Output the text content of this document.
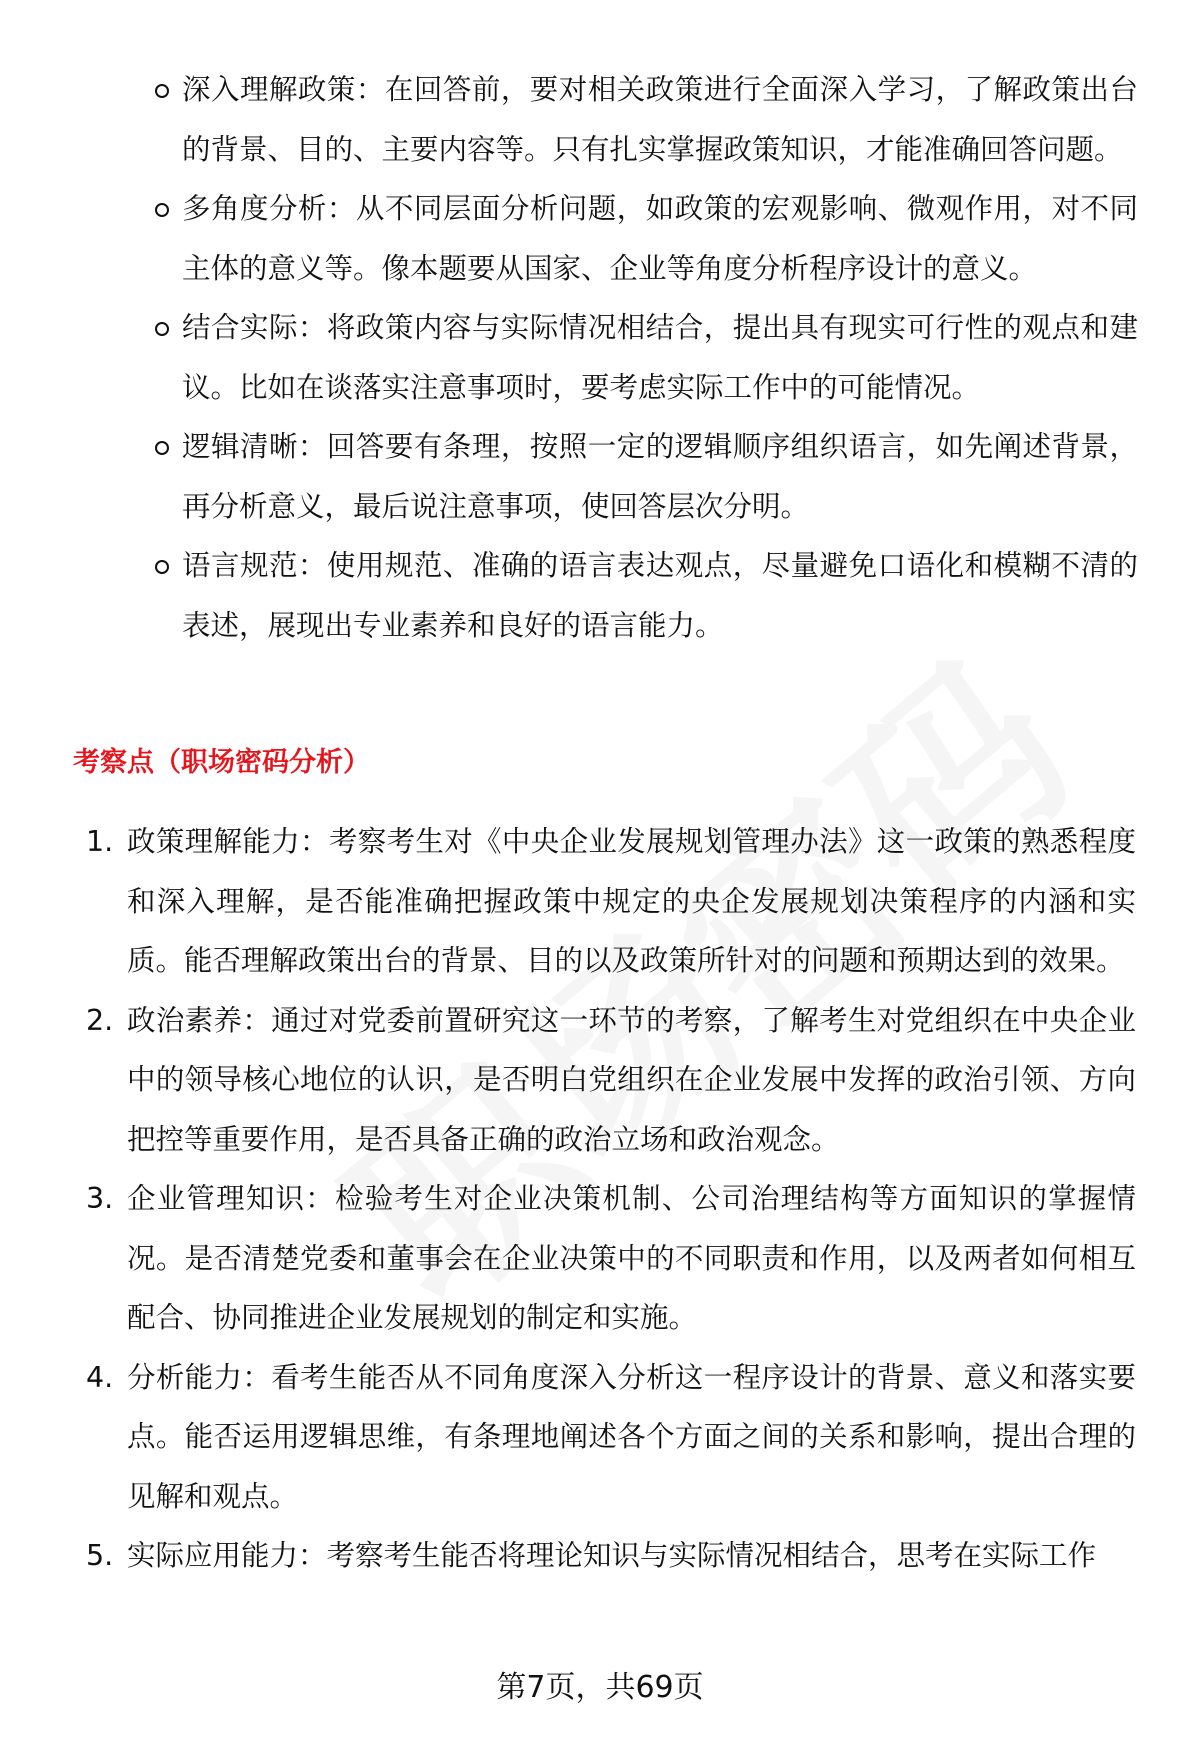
深入理解政策：在回答前，要对相关政策进行全面深入学习，了解政策出台的背景、目的、主要内容等。只有扎实掌握政策知识，才能准确回答问题。
多角度分析：从不同层面分析问题，如政策的宏观影响、微观作用，对不同主体的意义等。像本题要从国家、企业等角度分析程序设计的意义。
结合实际：将政策内容与实际情况相结合，提出具有现实可行性的观点和建议。比如在谈落实注意事项时，要考虑实际工作中的可能情况。
逻辑清晰：回答要有条理，按照一定的逻辑顺序组织语言，如先阐述背景，再分析意义，最后说注意事项，使回答层次分明。
语言规范：使用规范、准确的语言表达观点，尽量避免口语化和模糊不清的表述，展现出专业素养和良好的语言能力。
考察点（职场密码分析）
1. 政策理解能力：考察考生对《中央企业发展规划管理办法》这一政策的熟悉程度和深入理解，是否能准确把握政策中规定的央企发展规划决策程序的内涵和实质。能否理解政策出台的背景、目的以及政策所针对的问题和预期达到的效果。
2. 政治素养：通过对党委前置研究这一环节的考察，了解考生对党组织在中央企业中的领导核心地位的认识，是否明白党组织在企业发展中发挥的政治引领、方向把控等重要作用，是否具备正确的政治立场和政治观念。
3. 企业管理知识：检验考生对企业决策机制、公司治理结构等方面知识的掌握情况。是否清楚党委和董事会在企业决策中的不同职责和作用，以及两者如何相互配合、协同推进企业发展规划的制定和实施。
4. 分析能力：看考生能否从不同角度深入分析这一程序设计的背景、意义和落实要点。能否运用逻辑思维，有条理地阐述各个方面之间的关系和影响，提出合理的见解和观点。
5. 实际应用能力：考察考生能否将理论知识与实际情况相结合，思考在实际工作
第7页，共69页
